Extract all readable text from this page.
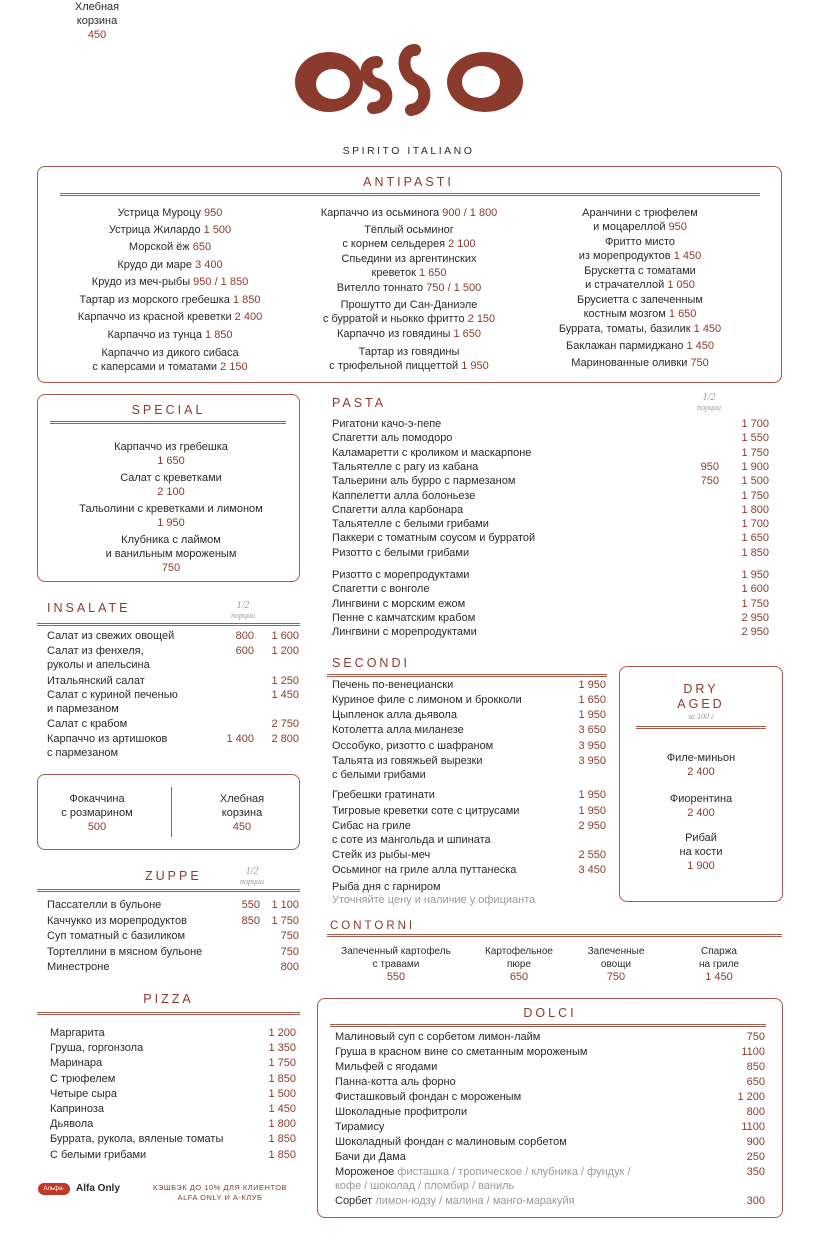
SPIRITO ITALIANO
ANTIPASTI
Устрица Муроцу 950
Устрица Жилардо 1 500
Морской ёж 650
Крудо ди маре 3 400
Крудо из меч-рыбы 950 / 1 850
Тартар из морского гребешка 1 850
Карпаччо из красной креветки 2 400
Карпаччо из тунца 1 850
Карпаччо из дикого сибаса
с каперсами и томатами 2 150
Карпаччо из осьминога 900 / 1 800
Тёплый осьминог
с корнем сельдерея 2 100
Спьедини из аргентинских
креветок 1 650
Вителло тоннато 750 / 1 500
Прошутто ди Сан-Даниэле
с бурратой и ньокко фритто 2 150
Карпаччо из говядины 1 650
Тартар из говядины
с трюфельной пиццеттой 1 950
Аранчини с трюфелем
и моцареллой 950
Фритто мисто
из морепродуктов 1 450
Брускетта с томатами
и страчателлой 1 050
Брусиетта с запеченным
костным мозгом 1 650
Буррата, томаты, базилик 1 450
Баклажан пармиджано 1 450
Маринованные оливки 750
SPECIAL
Карпаччо из гребешка
1 650
Салат с креветками
2 100
Тальолини с креветками и лимоном
1 950
Клубника с лаймом
и ванильным мороженым
750
INSALATE	1/2
порции
Салат из свежих овощей	800 1 600
Салат из фенхеля,
руколы и апельсина
600 1 200
Итальянский салат	1 250
Салат с куриной печенью
и пармезаном
1 450
Салат с крабом	2 750
Карпаччо из артишоков
с пармезаном
1 400 2 800
Фокаччина
с розмарином
500
Хлебная
корзина
450
Хлебная
корзина
450
ZUPPE	1/2
порции
Пассателли в бульоне	550 1 100
Каччукко из морепродуктов	850 1 750
Суп томатный с базиликом	750
Тортеллини в мясном бульоне	750
Минестроне	800
PIZZA
Маргарита	1 200
Груша, горгонзола	1 350
Маринара	1 750
С трюфелем	1 850
Четыре сыра	1 500
Каприноза	1 450
Дьявола	1 800
Буррата, рукола, вяленые томаты	1 850
С белыми грибами	1 850
Альфа-Банк
Alfa Only	КЭШБЭК ДО 10% ДЛЯ КЛИЕНТОВ
ALFA ONLY И А-КЛУБ
PASTA	1/2
порции
Ригатони качо-э-пепе	1 700
Спагетти аль помодоро	1 550
Каламаретти с кроликом и маскарпоне	1 750
Тальятелле с рагу из кабана	950 1 900
Тальерини аль бурро с пармезаном	750 1 500
Каппелетти алла болоньезе	1 750
Спагетти алла карбонара	1 800
Тальятелле с белыми грибами	1 700
Паккери с томатным соусом и бурратой	1 650
Ризотто с белыми грибами	1 850
Ризотто с морепродуктами	1 950
Спагетти с вонголе	1 600
Лингвини с морским ежом	1 750
Пенне с камчатским крабом	2 950
Лингвини с морепродуктами	2 950
SECONDI
Печень по-венециански	1 950
Куриное филе с лимоном и брокколи	1 650
Цыпленок алла дьявола	1 950
Котолетта алла миланезе	3 650
Оссобуко, ризотто с шафраном	3 950
Тальята из говяжьей вырезки
с белыми грибами
3 950
Гребешки гратинати	1 950
Тигровые креветки соте с цитрусами	1 950
Сибас на гриле
с соте из мангольда и шпината
2 950
Стейк из рыбы-меч	2 550
Осьминог на гриле алла путтанеска	3 450
Рыба дня с гарниром
Уточняйте цену и наличие у официанта
DRY
AGED
за 100 г
Филе-миньон
2 400
Фиорентина
2 400
Рибай
на кости
1 900
CONTORNI
Запеченный картофель
с травами
550
Картофельное
пюре
650
Запеченные
овощи
750
Спаржа
на гриле
1 450
DOLCI
Малиновый суп с сорбетом лимон-лайм	750
Груша в красном вине со сметанным мороженым	1100
Мильфей с ягодами	850
Панна-котта аль форно	650
Фисташковый фондан с мороженым	1 200
Шоколадные профитроли	800
Тирамису	1100
Шоколадный фондан с малиновым сорбетом	900
Бачи ди Дама	250
Мороженое фисташка / тропическое / клубника / фундук /
кофе / шоколад / пломбир / ваниль
350
Сорбет лимон-юдзу / малина / манго-маракуйя	300
